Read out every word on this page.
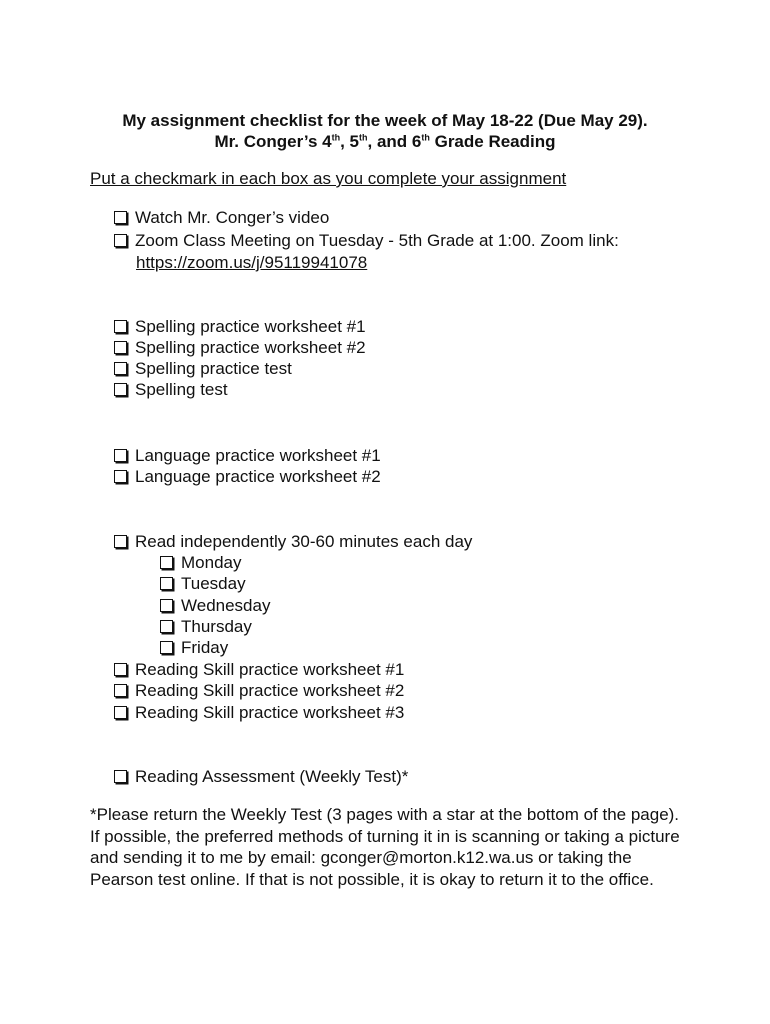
My assignment checklist for the week of May 18-22 (Due May 29).
Mr. Conger’s 4th, 5th, and 6th Grade Reading
Put a checkmark in each box as you complete your assignment
Watch Mr. Conger’s video
Zoom Class Meeting on Tuesday - 5th Grade at 1:00. Zoom link:
https://zoom.us/j/95119941078
Spelling practice worksheet #1
Spelling practice worksheet #2
Spelling practice test
Spelling test
Language practice worksheet #1
Language practice worksheet #2
Read independently 30-60 minutes each day
Monday
Tuesday
Wednesday
Thursday
Friday
Reading Skill practice worksheet #1
Reading Skill practice worksheet #2
Reading Skill practice worksheet #3
Reading Assessment (Weekly Test)*
*Please return the Weekly Test (3 pages with a star at the bottom of the page). If possible, the preferred methods of turning it in is scanning or taking a picture and sending it to me by email: gconger@morton.k12.wa.us or taking the Pearson test online. If that is not possible, it is okay to return it to the office.
